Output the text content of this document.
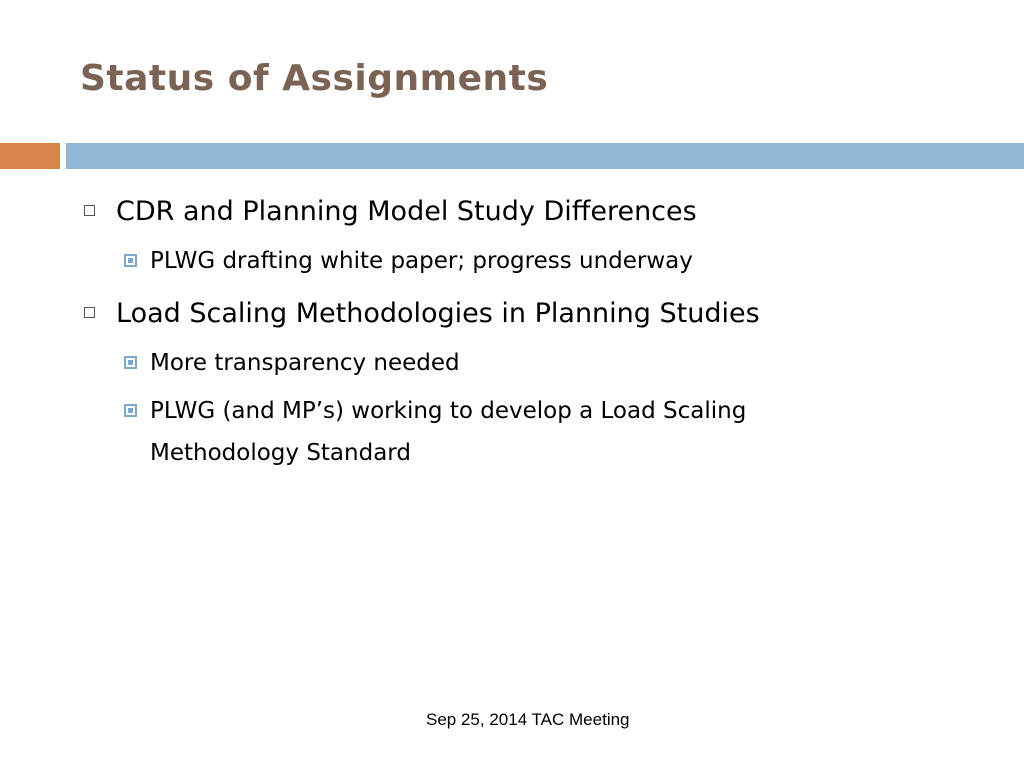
Status of Assignments

CDR and Planning Model Study Differences

PLWG drafting white paper; progress underway

Load Scaling Methodologies in Planning Studies

More transparency needed

PLWG (and MP’s) working to develop a Load Scaling
Methodology Standard

Sep 25, 2014 TAC Meeting
